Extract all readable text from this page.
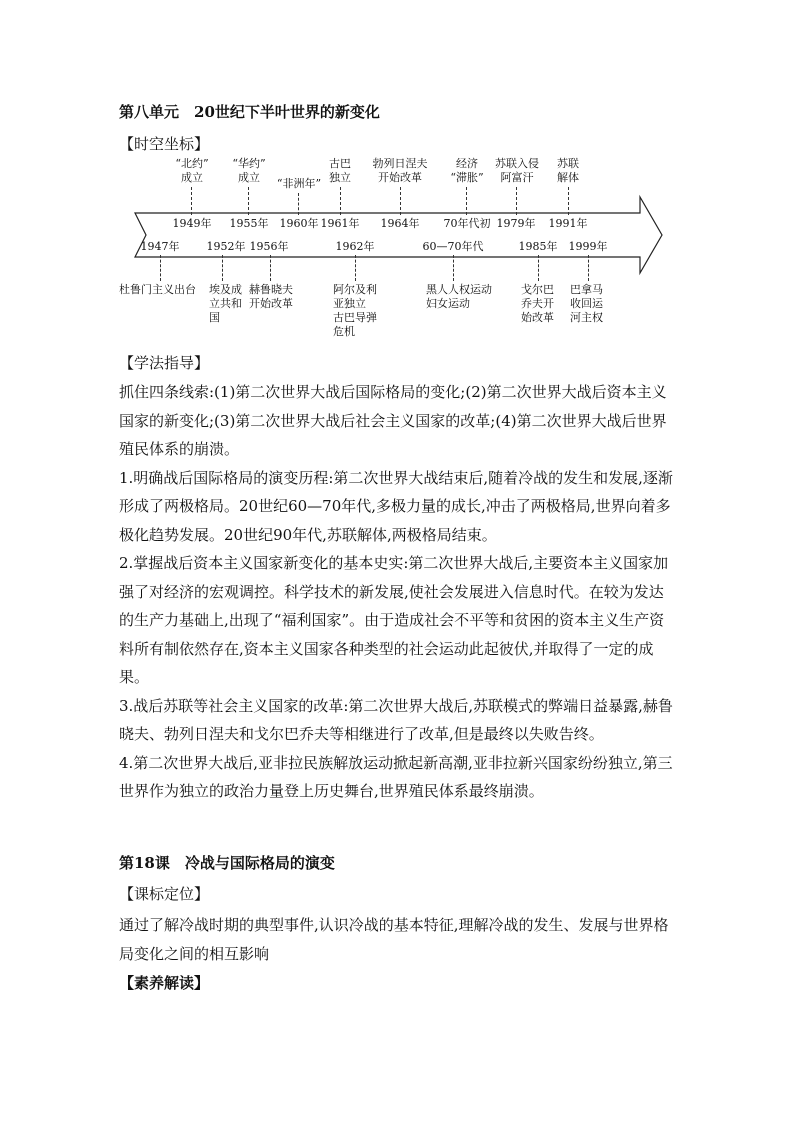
第八单元　20世纪下半叶世界的新变化
【时空坐标】
“北约”
成立
1949年
“华约”
成立
1955年
“非洲年”
1960年
古巴
独立
1961年
勃列日涅夫
开始改革
1964年
经济
“滞胀”
70年代初
苏联入侵
阿富汗
1979年
苏联
解体
1991年
1947年
杜鲁门主义出台
1952年
埃及成
立共和
国
1956年
赫鲁晓夫
开始改革
1962年
阿尔及利
亚独立
古巴导弹
危机
60—70年代
黑人人权运动
妇女运动
1985年
戈尔巴
乔夫开
始改革
1999年
巴拿马
收回运
河主权
【学法指导】

抓住四条线索:(1)第二次世界大战后国际格局的变化;(2)第二次世界大战后资本主义国家的新变化;(3)第二次世界大战后社会主义国家的改革;(4)第二次世界大战后世界殖民体系的崩溃。

1.明确战后国际格局的演变历程:第二次世界大战结束后,随着冷战的发生和发展,逐渐形成了两极格局。20世纪60—70年代,多极力量的成长,冲击了两极格局,世界向着多极化趋势发展。20世纪90年代,苏联解体,两极格局结束。

2.掌握战后资本主义国家新变化的基本史实:第二次世界大战后,主要资本主义国家加强了对经济的宏观调控。科学技术的新发展,使社会发展进入信息时代。在较为发达的生产力基础上,出现了“福利国家”。由于造成社会不平等和贫困的资本主义生产资料所有制依然存在,资本主义国家各种类型的社会运动此起彼伏,并取得了一定的成果。

3.战后苏联等社会主义国家的改革:第二次世界大战后,苏联模式的弊端日益暴露,赫鲁晓夫、勃列日涅夫和戈尔巴乔夫等相继进行了改革,但是最终以失败告终。

4.第二次世界大战后,亚非拉民族解放运动掀起新高潮,亚非拉新兴国家纷纷独立,第三世界作为独立的政治力量登上历史舞台,世界殖民体系最终崩溃。

第18课　冷战与国际格局的演变
【课标定位】

通过了解冷战时期的典型事件,认识冷战的基本特征,理解冷战的发生、发展与世界格局变化之间的相互影响

【素养解读】
